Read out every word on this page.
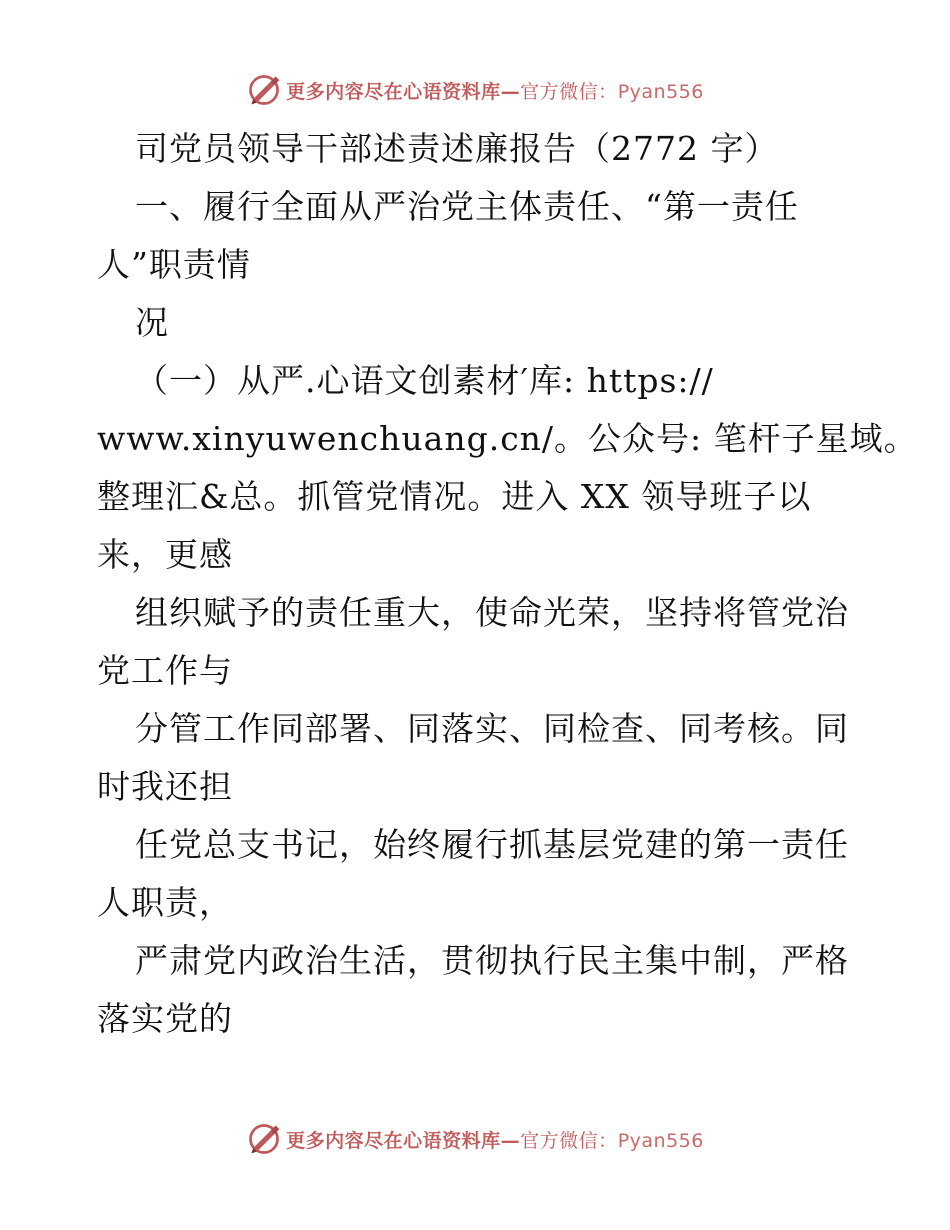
更多内容尽在心语资料库—官方微信：Pyan556
司党员领导干部述责述廉报告（2772 字）
一、履行全面从严治党主体责任、“第一责任
人”职责情
况
（一）从严.心语文创素材′库: https://
www.xinyuwenchuang.cn/。公众号: 笔杆子星域。
整理汇&总。抓管党情况。进入 XX 领导班子以
来，更感
组织赋予的责任重大，使命光荣，坚持将管党治
党工作与
分管工作同部署、同落实、同检查、同考核。同
时我还担
任党总支书记，始终履行抓基层党建的第一责任
人职责，
严肃党内政治生活，贯彻执行民主集中制，严格
落实党的
更多内容尽在心语资料库—官方微信：Pyan556
